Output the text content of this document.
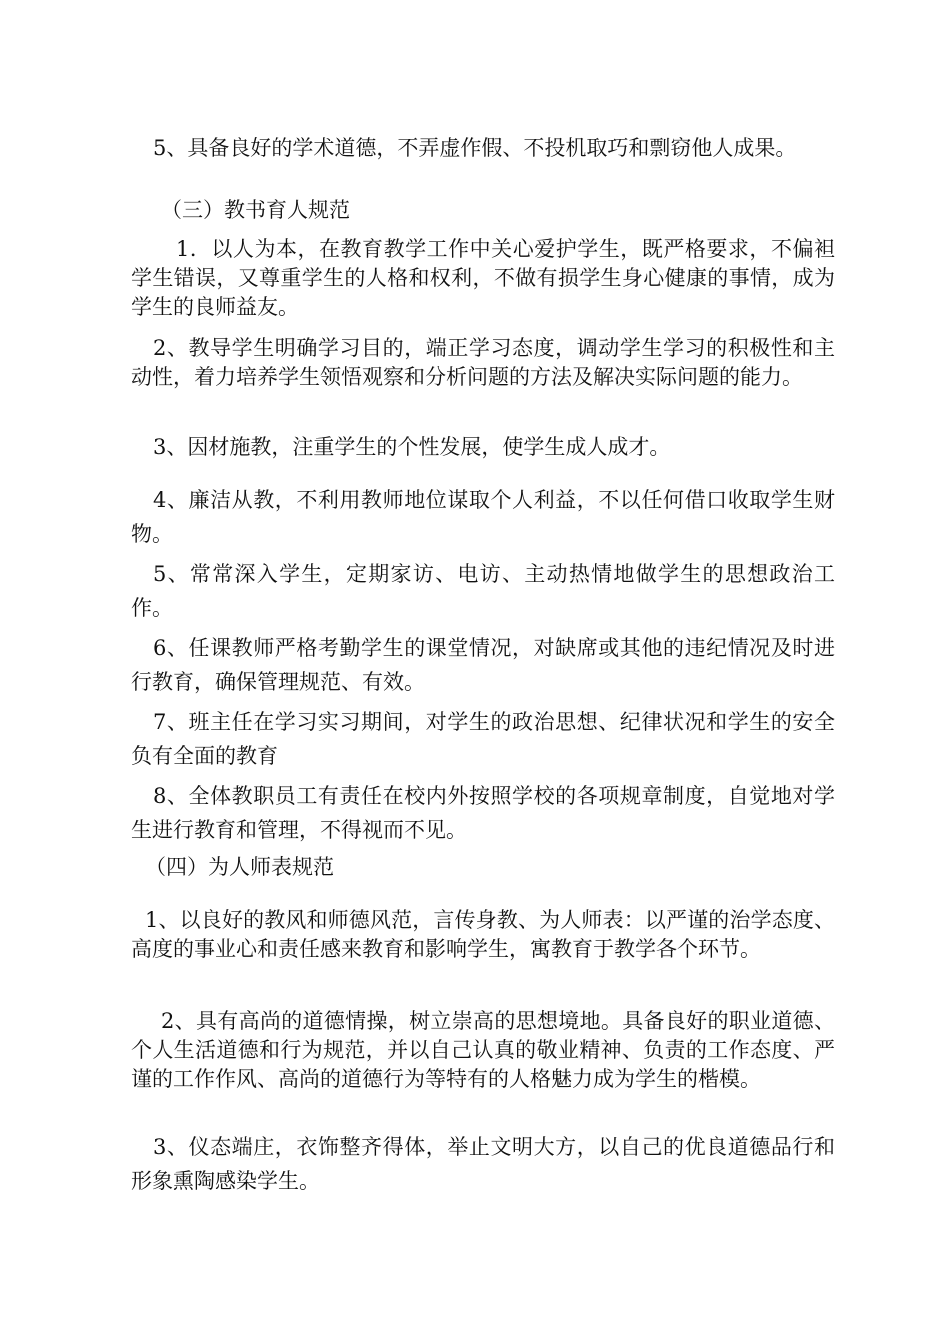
5、具备良好的学术道德，不弄虚作假、不投机取巧和剽窃他人成果。

（三）教书育人规范

1．以人为本，在教育教学工作中关心爱护学生，既严格要求，不偏袒学生错误，又尊重学生的人格和权利，不做有损学生身心健康的事情，成为学生的良师益友。

2、教导学生明确学习目的，端正学习态度，调动学生学习的积极性和主动性，着力培养学生领悟观察和分析问题的方法及解决实际问题的能力。

3、因材施教，注重学生的个性发展，使学生成人成才。

4、廉洁从教，不利用教师地位谋取个人利益，不以任何借口收取学生财物。

5、常常深入学生，定期家访、电访、主动热情地做学生的思想政治工作。

6、任课教师严格考勤学生的课堂情况，对缺席或其他的违纪情况及时进行教育，确保管理规范、有效。

7、班主任在学习实习期间，对学生的政治思想、纪律状况和学生的安全负有全面的教育

8、全体教职员工有责任在校内外按照学校的各项规章制度，自觉地对学生进行教育和管理，不得视而不见。

（四）为人师表规范

1、以良好的教风和师德风范，言传身教、为人师表：以严谨的治学态度、高度的事业心和责任感来教育和影响学生，寓教育于教学各个环节。

2、具有高尚的道德情操，树立崇高的思想境地。具备良好的职业道德、个人生活道德和行为规范，并以自己认真的敬业精神、负责的工作态度、严谨的工作作风、高尚的道德行为等特有的人格魅力成为学生的楷模。

3、仪态端庄，衣饰整齐得体，举止文明大方，以自己的优良道德品行和形象熏陶感染学生。
